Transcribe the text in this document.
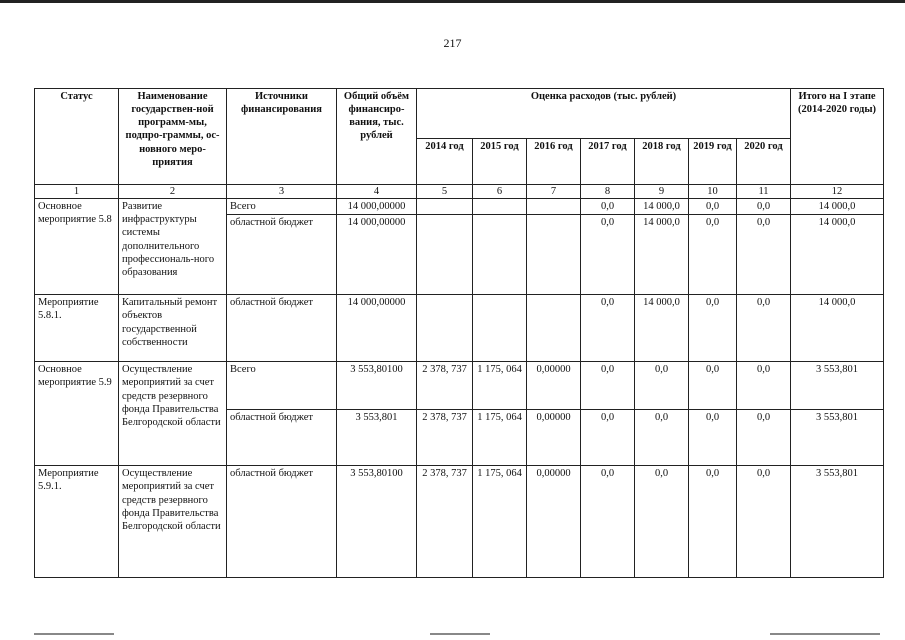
217
Статус	Наименование государствен-ной программ-мы, подпро-граммы, ос-новного меро-приятия	Источники финансирования	Общий объём финансиро-вания, тыс. рублей	Оценка расходов (тыс. рублей)							Итого на I этапе (2014-2020 годы)
				2014 год	2015 год	2016 год	2017 год	2018 год	2019 год	2020 год	
1	2	3	4	5	6	7	8	9	10	11	12
Основное мероприятие 5.8	Развитие инфраструктуры системы дополнительного профессиональ-ного образования	Всего	14 000,00000				0,0	14 000,0	0,0	0,0	14 000,0
		областной бюджет	14 000,00000				0,0	14 000,0	0,0	0,0	14 000,0
Мероприятие 5.8.1.	Капитальный ремонт объектов государственной собственности	областной бюджет	14 000,00000				0,0	14 000,0	0,0	0,0	14 000,0
Основное мероприятие 5.9	Осуществление мероприятий за счет средств резервного фонда Правительства Белгородской области	Всего	3 553,80100	2 378, 737	1 175, 064	0,00000	0,0	0,0	0,0	0,0	3 553,801
		областной бюджет	3 553,801	2 378, 737	1 175, 064	0,00000	0,0	0,0	0,0	0,0	3 553,801
Мероприятие 5.9.1.	Осуществление мероприятий за счет средств резервного фонда Правительства Белгородской области	областной бюджет	3 553,80100	2 378, 737	1 175, 064	0,00000	0,0	0,0	0,0	0,0	3 553,801
